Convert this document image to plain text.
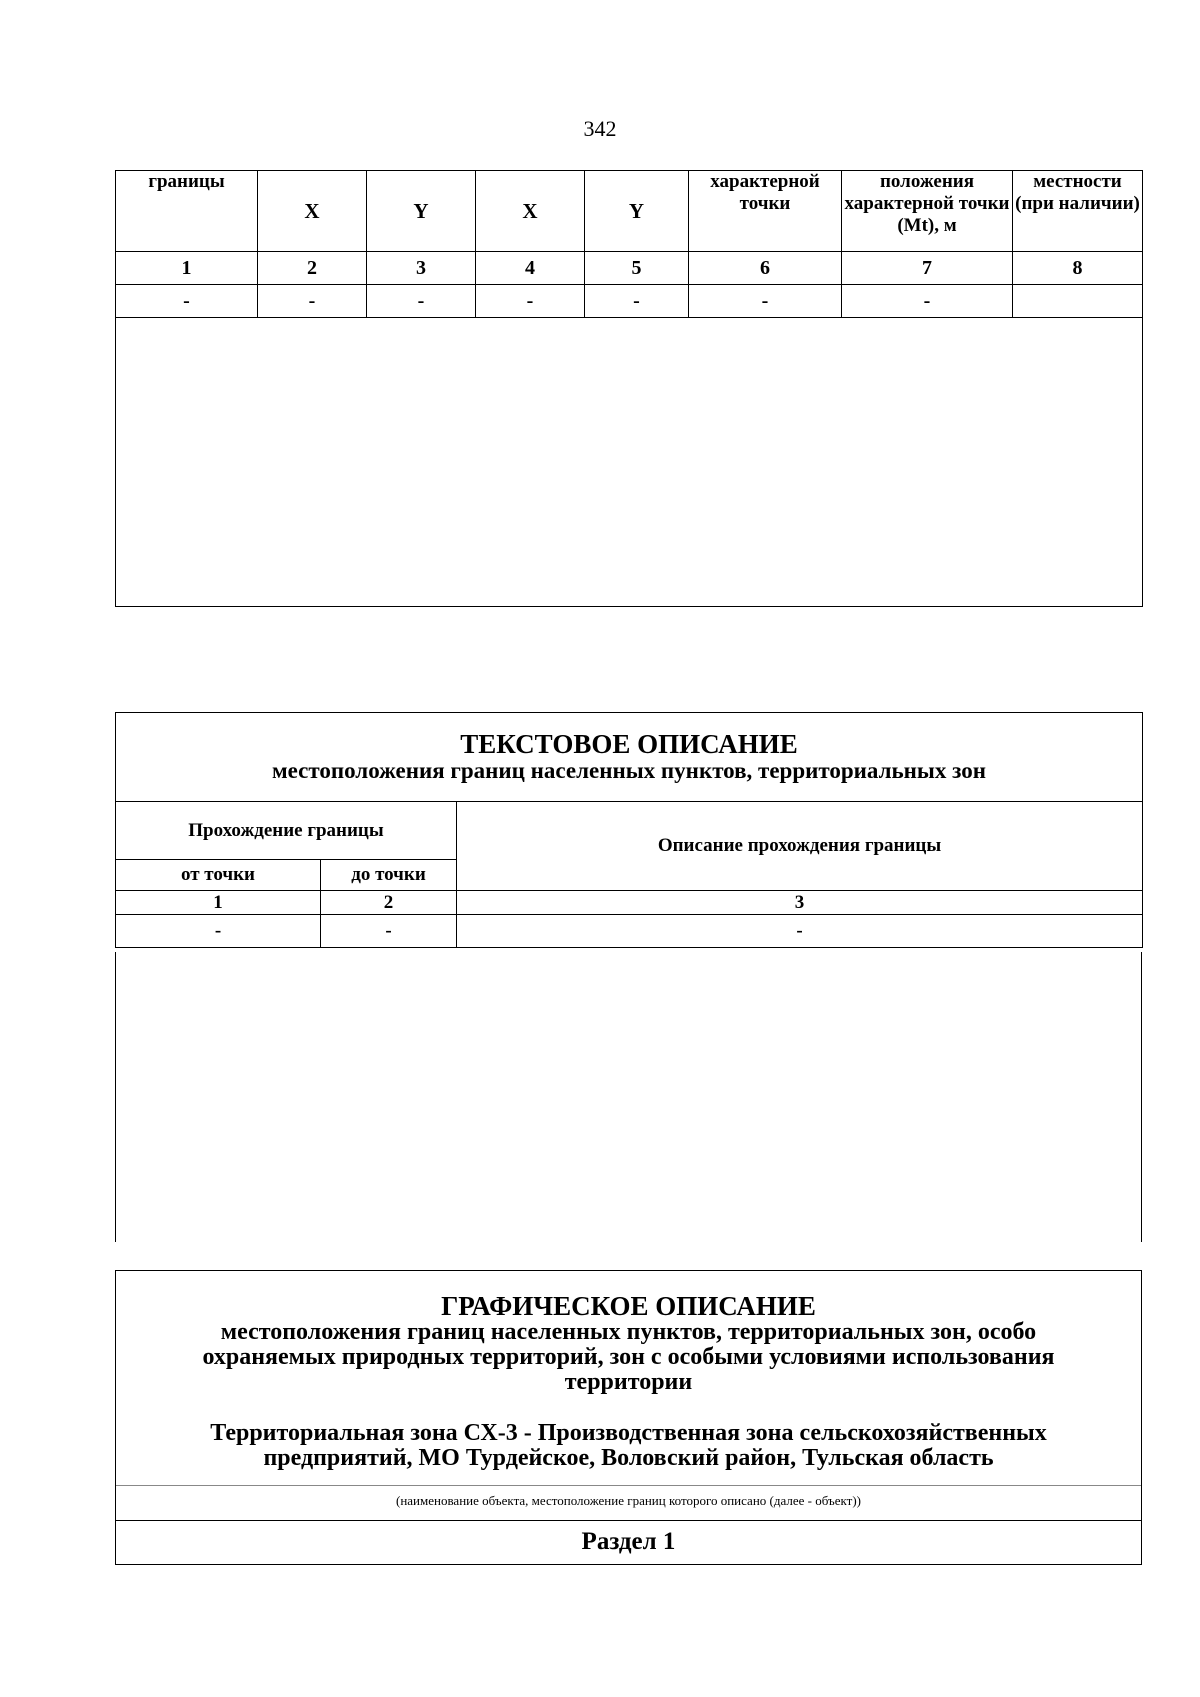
342
границы	X	Y	X	Y	характерной точки	положения характерной точки (Mt), м	местности (при наличии)
1	2	3	4	5	6	7	8
-	-	-	-	-	-	-	

ТЕКСТОВОЕ ОПИСАНИЕ
местоположения границ населенных пунктов, территориальных зон		

Прохождение границы		Описание прохождения границы
от точки	до точки	
1	2	3
-	-	-
ГРАФИЧЕСКОЕ ОПИСАНИЕ
местоположения границ населенных пунктов, территориальных зон, особо
охраняемых природных территорий, зон с особыми условиями использования
территории
Территориальная зона СХ-3 - Производственная зона сельскохозяйственных
предприятий, МО Турдейское, Воловский район, Тульская область
(наименование объекта, местоположение границ которого описано (далее - объект))
Раздел 1
